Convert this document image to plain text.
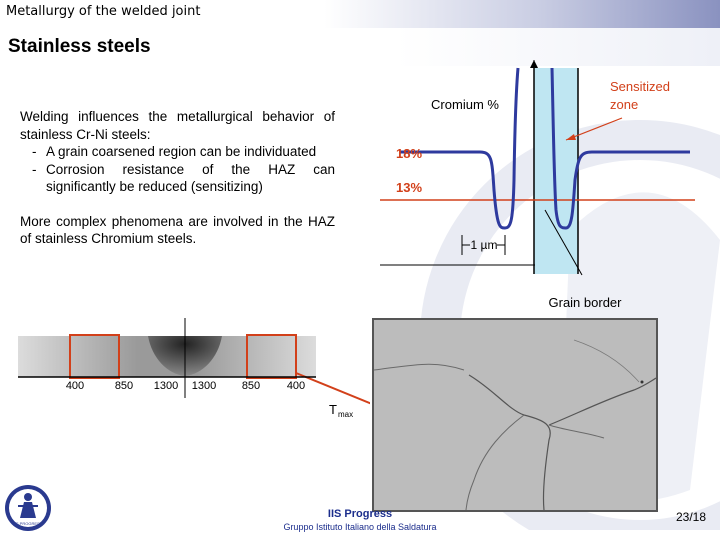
Metallurgy of the welded joint
Stainless steels

Welding influences the metallurgical behavior of stainless Cr-Ni steels:

- A grain coarsened region can be individuated
- Corrosion resistance of the HAZ can significantly be reduced (sensitizing)

More complex phenomena are involved in the HAZ of stainless Chromium steels.	1 µm
Cromium %
18%
13%
Sensitized
zone
Grain border
400	850 1300 1300 850 400
T max
IIS PROGRESS
IIS Progress
Gruppo Istituto Italiano della Saldatura
23/18
